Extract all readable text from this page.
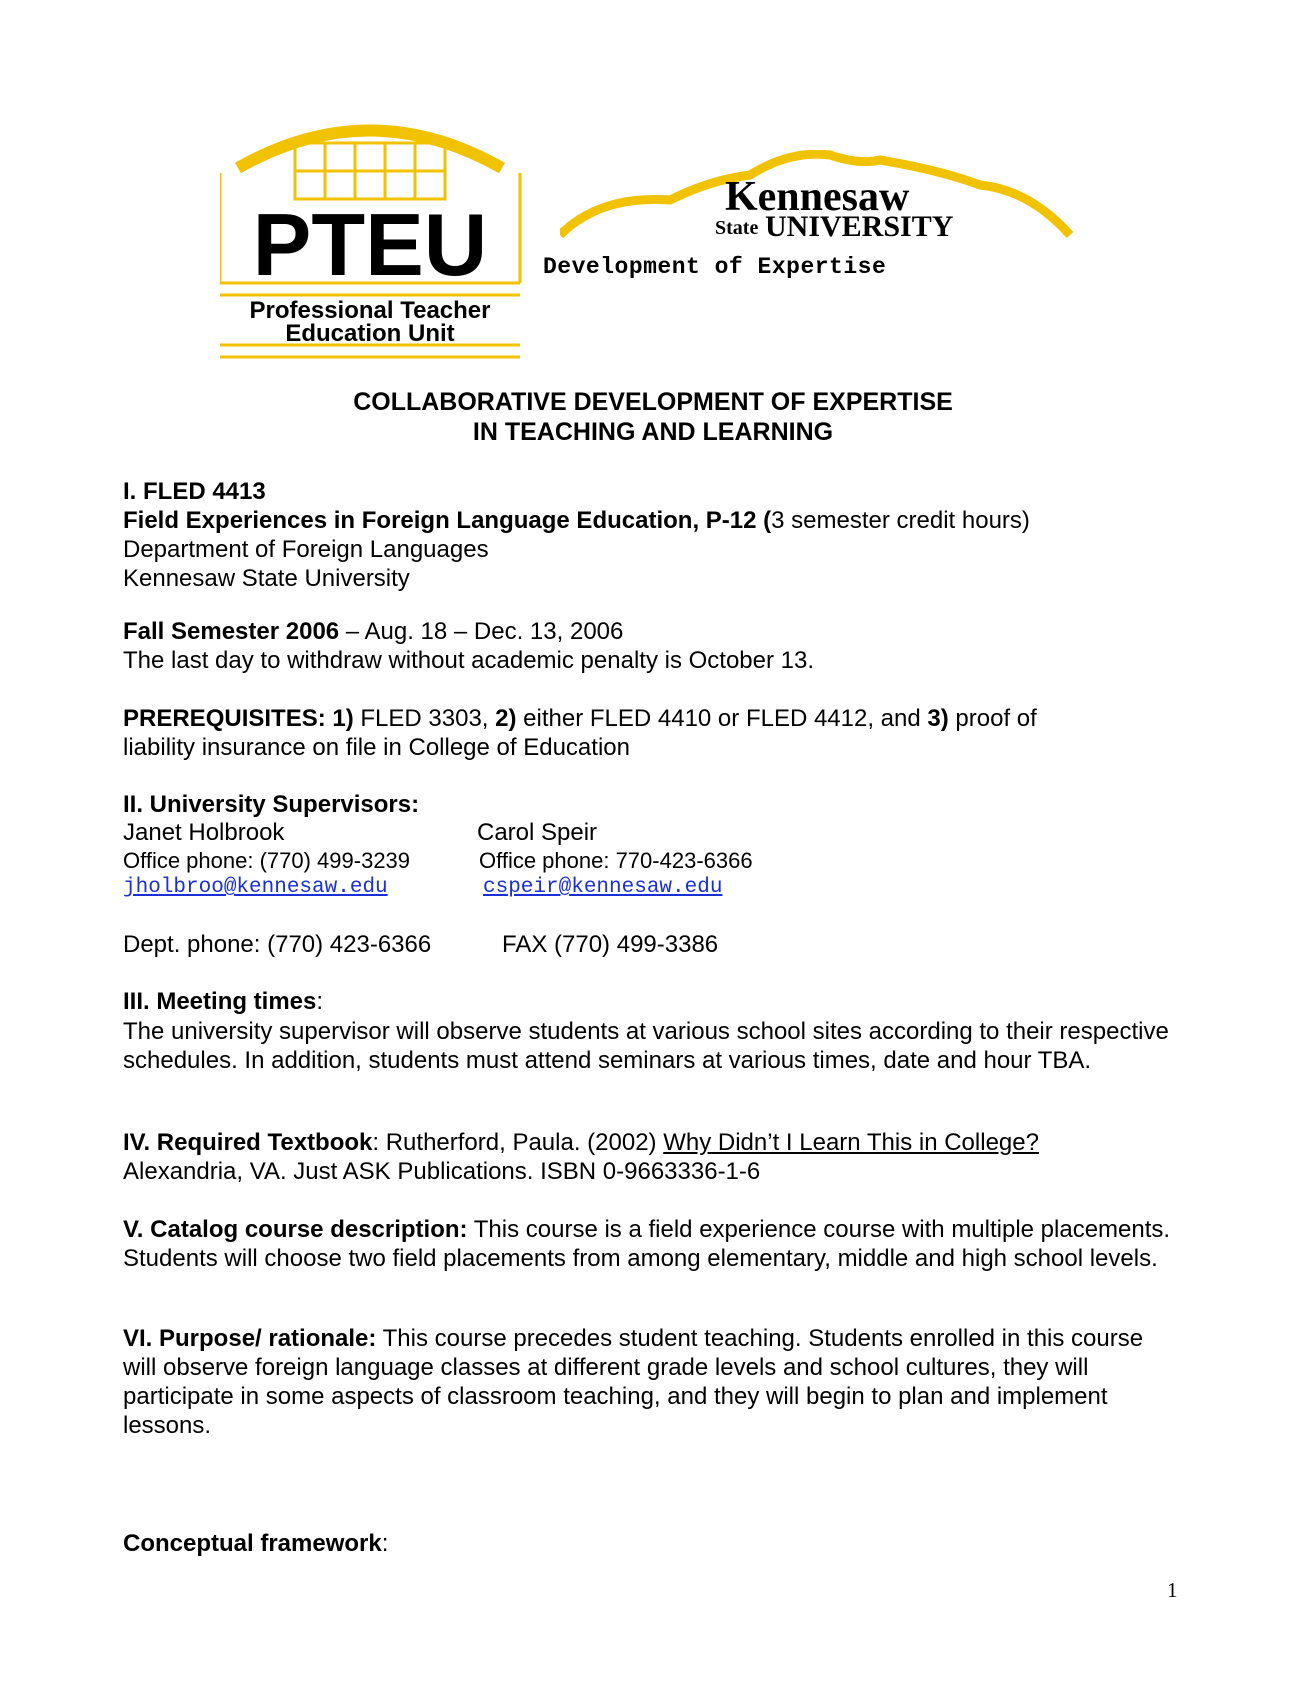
PTEU
Professional Teacher
Education Unit
Kennesaw
State UNIVERSITY
Development of Expertise
COLLABORATIVE DEVELOPMENT OF EXPERTISE
IN TEACHING AND LEARNING
I. FLED 4413
Field Experiences in Foreign Language Education, P-12 (3 semester credit hours)
Department of Foreign Languages
Kennesaw State University
Fall Semester 2006 – Aug. 18 – Dec. 13, 2006
The last day to withdraw without academic penalty is October 13.
PREREQUISITES: 1) FLED 3303, 2) either FLED 4410 or FLED 4412, and 3) proof of
liability insurance on file in College of Education
II. University Supervisors:
Janet Holbrook	Carol Speir
Office phone: (770) 499-3239	Office phone: 770-423-6366
jholbroo@kennesaw.edu	cspeir@kennesaw.edu
Dept. phone: (770) 423-6366	FAX (770) 499-3386
III. Meeting times:
The university supervisor will observe students at various school sites according to their respective schedules. In addition, students must attend seminars at various times, date and hour TBA.
IV. Required Textbook: Rutherford, Paula. (2002) Why Didn’t I Learn This in College?
Alexandria, VA. Just ASK Publications. ISBN 0-9663336-1-6
V. Catalog course description: This course is a field experience course with multiple placements. Students will choose two field placements from among elementary, middle and high school levels.
VI. Purpose/ rationale: This course precedes student teaching. Students enrolled in this course will observe foreign language classes at different grade levels and school cultures, they will participate in some aspects of classroom teaching, and they will begin to plan and implement lessons.
Conceptual framework:
1
